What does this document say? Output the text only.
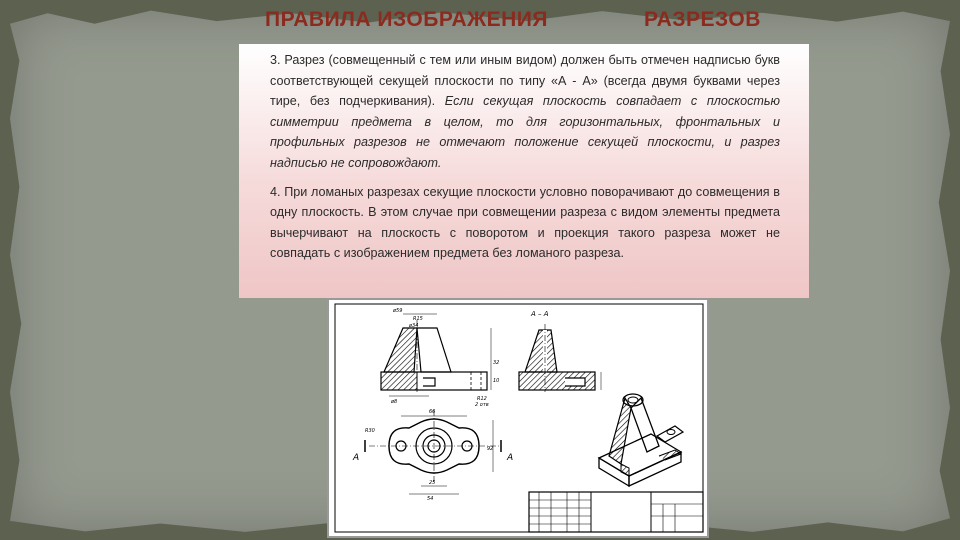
ПРАВИЛА ИЗОБРАЖЕНИЯ	РАЗРЕЗОВ

3. Разрез (совмещенный с тем или иным видом) должен быть отмечен надписью букв соответствующей секущей плоскости по типу «А - А» (всегда двумя буквами через тире, без подчеркивания). Если секущая плоскость совпадает с плоскостью симметрии предмета в целом, то для горизонтальных, фронтальных и профильных разрезов не отмечают положение секущей плоскости, и разрез надписью не сопровождают.

4. При ломаных разрезах секущие плоскости условно поворачивают до совмещения в одну плоскость. В этом случае при совмещении разреза с видом элементы предмета вычерчивают на плоскость с поворотом и проекция такого разреза может не совпадать с изображением предмета без ломаного разреза.

ø59
R15
ø34
32
10
ø8	R12
2 отв
А – А
А	А
R30
66
92
25
54
